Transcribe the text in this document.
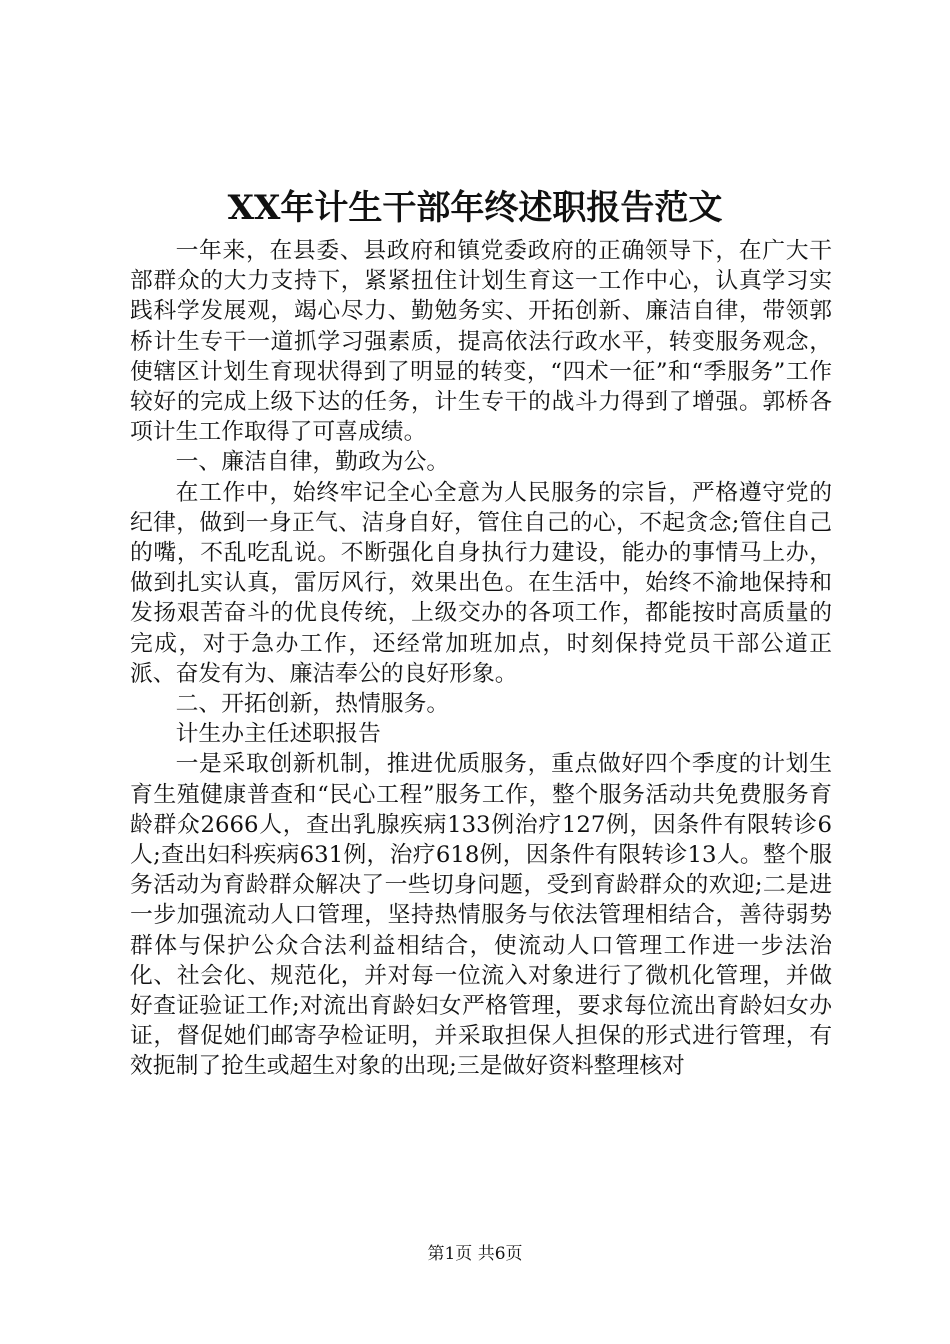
XX年计生干部年终述职报告范文

一年来，在县委、县政府和镇党委政府的正确领导下，在广大干部群众的大力支持下，紧紧扭住计划生育这一工作中心，认真学习实践科学发展观，竭心尽力、勤勉务实、开拓创新、廉洁自律，带领郭桥计生专干一道抓学习强素质，提高依法行政水平，转变服务观念，使辖区计划生育现状得到了明显的转变，“四术一征”和“季服务”工作较好的完成上级下达的任务，计生专干的战斗力得到了增强。郭桥各项计生工作取得了可喜成绩。

一、廉洁自律，勤政为公。

在工作中，始终牢记全心全意为人民服务的宗旨，严格遵守党的纪律，做到一身正气、洁身自好，管住自己的心，不起贪念;管住自己的嘴，不乱吃乱说。不断强化自身执行力建设，能办的事情马上办，做到扎实认真，雷厉风行，效果出色。在生活中，始终不渝地保持和发扬艰苦奋斗的优良传统，上级交办的各项工作，都能按时高质量的完成，对于急办工作，还经常加班加点，时刻保持党员干部公道正派、奋发有为、廉洁奉公的良好形象。

二、开拓创新，热情服务。

计生办主任述职报告

一是采取创新机制，推进优质服务，重点做好四个季度的计划生育生殖健康普查和“民心工程”服务工作，整个服务活动共免费服务育龄群众2666人，查出乳腺疾病133例治疗127例，因条件有限转诊6人;查出妇科疾病631例，治疗618例，因条件有限转诊13人。整个服务活动为育龄群众解决了一些切身问题，受到育龄群众的欢迎;二是进一步加强流动人口管理，坚持热情服务与依法管理相结合，善待弱势群体与保护公众合法利益相结合，使流动人口管理工作进一步法治化、社会化、规范化，并对每一位流入对象进行了微机化管理，并做好查证验证工作;对流出育龄妇女严格管理，要求每位流出育龄妇女办证，督促她们邮寄孕检证明，并采取担保人担保的形式进行管理，有效扼制了抢生或超生对象的出现;三是做好资料整理核对

第1页 共6页
